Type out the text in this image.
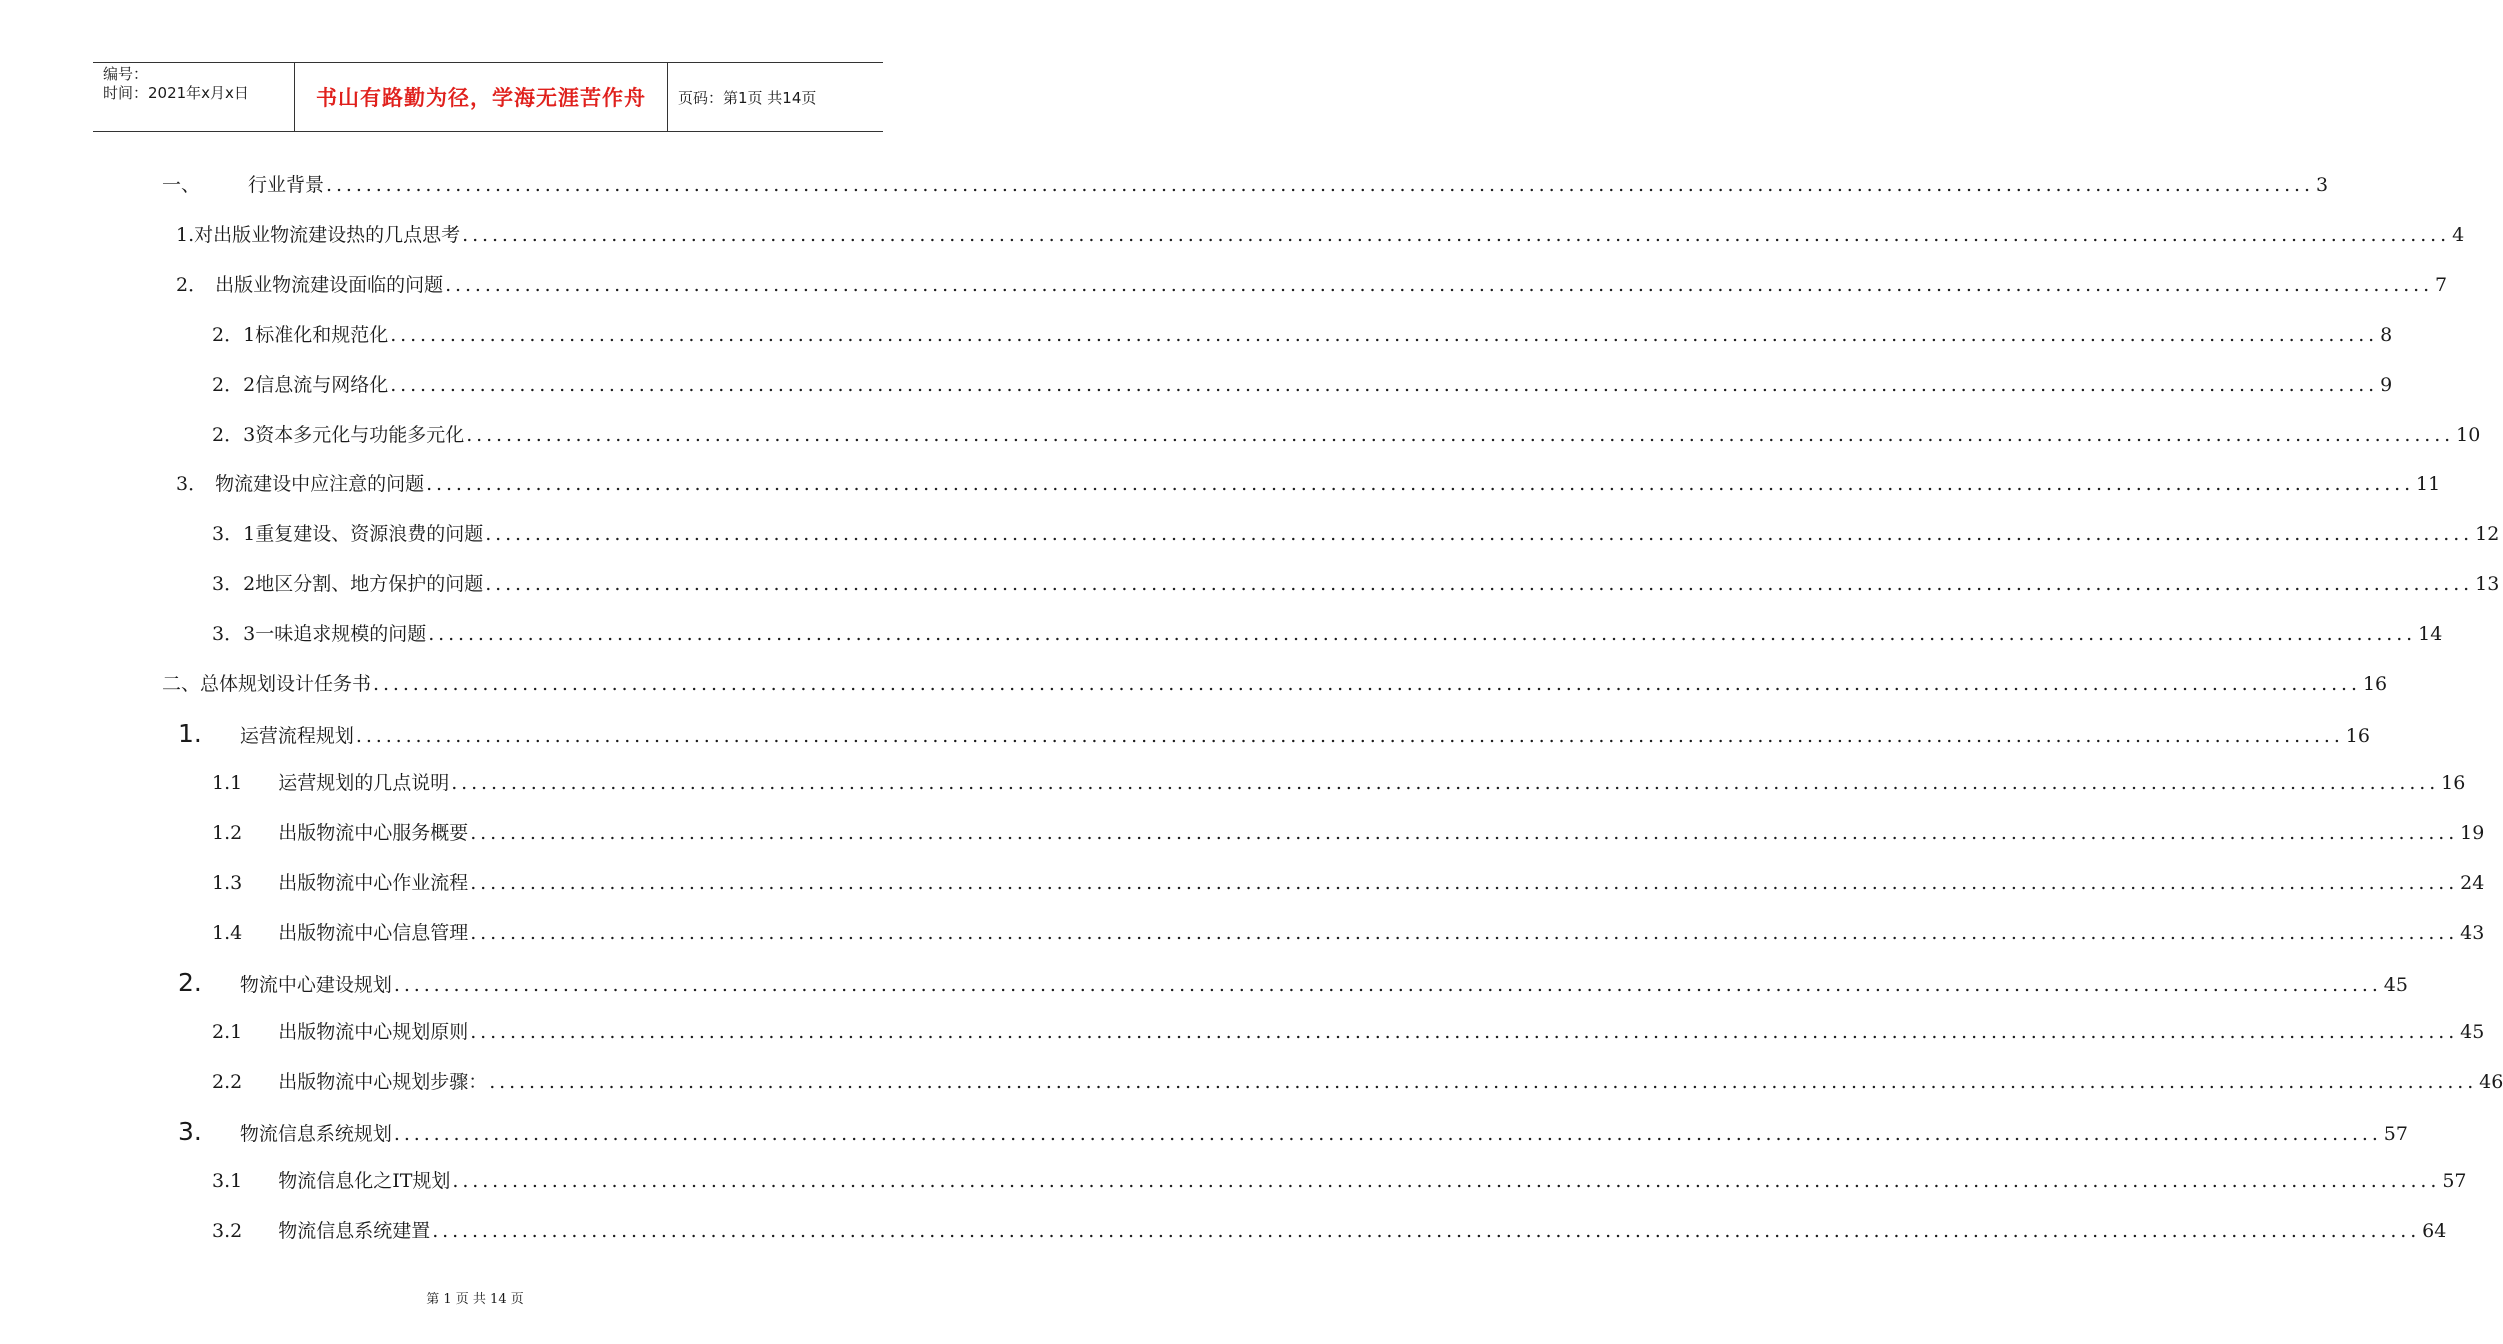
编号：
时间：2021年x月x日	书山有路勤为径，学海无涯苦作舟 页码：第1页 共14页
一、	行业背景 ........................................................................................................................................................................................................ 3
1. 对出版业物流建设热的几点思考 ........................................................................................................................................................................................................ 4
2． 出版业物流建设面临的问题 ........................................................................................................................................................................................................ 7
2．1 标准化和规范化 ........................................................................................................................................................................................................ 8
2．2 信息流与网络化 ........................................................................................................................................................................................................ 9
2．3 资本多元化与功能多元化 ........................................................................................................................................................................................................ 10
3． 物流建设中应注意的问题 ........................................................................................................................................................................................................ 11
3．1 重复建设、资源浪费的问题 ........................................................................................................................................................................................................ 12
3．2 地区分割、地方保护的问题 ........................................................................................................................................................................................................ 13
3．3 一味追求规模的问题 ........................................................................................................................................................................................................ 14
二、 总体规划设计任务书 ........................................................................................................................................................................................................ 16
1. 运营流程规划 ........................................................................................................................................................................................................ 16
1.1 运营规划的几点说明 ........................................................................................................................................................................................................ 16
1.2 出版物流中心服务概要 ........................................................................................................................................................................................................ 19
1.3 出版物流中心作业流程 ........................................................................................................................................................................................................ 24
1.4 出版物流中心信息管理 ........................................................................................................................................................................................................ 43
2. 物流中心建设规划 ........................................................................................................................................................................................................ 45
2.1 出版物流中心规划原则 ........................................................................................................................................................................................................ 45
2.2 出版物流中心规划步骤： ........................................................................................................................................................................................................ 46
3. 物流信息系统规划 ........................................................................................................................................................................................................ 57
3.1 物流信息化之IT规划 ........................................................................................................................................................................................................ 57
3.2 物流信息系统建置 ........................................................................................................................................................................................................ 64
第 1 页 共 14 页
